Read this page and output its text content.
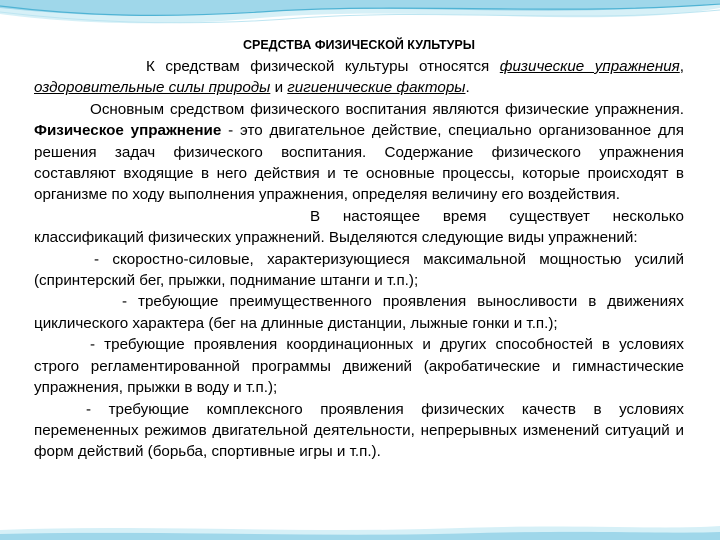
СРЕДСТВА ФИЗИЧЕСКОЙ КУЛЬТУРЫ

К средствам физической культуры относятся физические упражнения, оздоровительные силы природы и гигиенические факторы.

Основным средством физического воспитания являются физические упражнения. Физическое упражнение - это двигательное действие, специально организованное для решения задач физического воспитания. Содержание физического упражнения составляют входящие в него действия и те основные процессы, которые происходят в организме по ходу выполнения упражнения, определяя величину его воздействия.

В настоящее время существует несколько классификаций физических упражнений. Выделяются следующие виды упражнений:

- скоростно-силовые, характеризующиеся максимальной мощностью усилий (спринтерский бег, прыжки, поднимание штанги и т.п.);

- требующие преимущественного проявления выносливости в движениях циклического характера (бег на длинные дистанции, лыжные гонки и т.п.);

- требующие проявления координационных и других способностей в условиях строго регламентированной программы движений (акробатические и гимнастические упражнения, прыжки в воду и т.п.);

- требующие комплексного проявления физических качеств в условиях перемененных режимов двигательной деятельности, непрерывных изменений ситуаций и форм действий (борьба, спортивные игры и т.п.).
